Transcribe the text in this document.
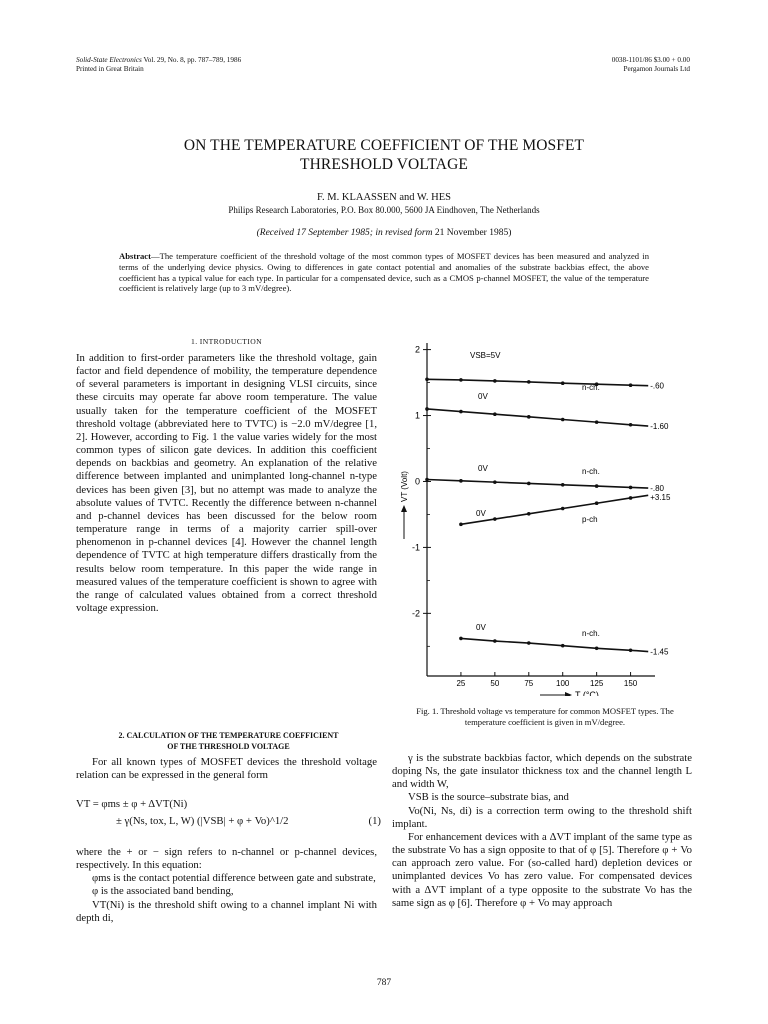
Solid-State Electronics Vol. 29, No. 8, pp. 787–789, 1986
Printed in Great Britain
0038-1101/86 $3.00 + 0.00
Pergamon Journals Ltd
ON THE TEMPERATURE COEFFICIENT OF THE MOSFET
THRESHOLD VOLTAGE
F. M. KLAASSEN and W. HES
Philips Research Laboratories, P.O. Box 80.000, 5600 JA Eindhoven, The Netherlands
(Received 17 September 1985; in revised form 21 November 1985)
Abstract—The temperature coefficient of the threshold voltage of the most common types of MOSFET devices has been measured and analyzed in terms of the underlying device physics. Owing to differences in gate contact potential and anomalies of the substrate backbias effect, the above coefficient has a typical value for each type. In particular for a compensated device, such as a CMOS p-channel MOSFET, the value of the temperature coefficient is relatively large (up to 3 mV/degree).
1. INTRODUCTION

In addition to first-order parameters like the threshold voltage, gain factor and field dependence of mobility, the temperature dependence of several parameters is important in designing VLSI circuits, since these circuits may operate far above room temperature. The value usually taken for the temperature coefficient of the MOSFET threshold voltage (abbreviated here to TVTC) is −2.0 mV/degree [1, 2]. However, according to Fig. 1 the value varies widely for the most common types of silicon gate devices. In addition this coefficient depends on backbias and geometry. An explanation of the relative difference between implanted and unimplanted long-channel n-type devices has been given [3], but no attempt was made to analyze the absolute values of TVTC. Recently the difference between n-channel and p-channel devices has been discussed for the below room temperature range in terms of a majority carrier spill-over phenomenon in p-channel devices [4]. However the channel length dependence of TVTC at high temperature differs drastically from the results below room temperature. In this paper the wide range in measured values of the temperature coefficient is shown to agree with the range of calculated values obtained from a correct threshold voltage expression.

2. CALCULATION OF THE TEMPERATURE COEFFICIENT
OF THE THRESHOLD VOLTAGE

For all known types of MOSFET devices the threshold voltage relation can be expressed in the general form

VT = φms ± φ + ΔVT(Ni)
± γ(Ns, tox, L, W) (|VSB| + φ + Vo)^1/2	(1)

where the + or − sign refers to n-channel or p-channel devices, respectively. In this equation:

φms is the contact potential difference between gate and substrate,

φ is the associated band bending,

VT(Ni) is the threshold shift owing to a channel implant Ni with depth di,

2
1
0
-1
-2
25	50	75	100	125	150
T (°C)
VT (Volt)
-.60
VSB=5V
-1.60
0V
n-ch.
-.80
0V	n-ch.
+3.15
0V
p-ch
-1.45
0V
n-ch.
Fig. 1. Threshold voltage vs temperature for common MOSFET types. The temperature coefficient is given in mV/degree.

γ is the substrate backbias factor, which depends on the substrate doping Ns, the gate insulator thickness tox and the channel length L and width W,

VSB is the source–substrate bias, and

Vo(Ni, Ns, di) is a correction term owing to the threshold shift implant.

For enhancement devices with a ΔVT implant of the same type as the substrate Vo has a sign opposite to that of φ [5]. Therefore φ + Vo can approach zero value. For (so-called hard) depletion devices or unimplanted devices Vo has zero value. For compensated devices with a ΔVT implant of a type opposite to the substrate Vo has the same sign as φ [6]. Therefore φ + Vo may approach

787
